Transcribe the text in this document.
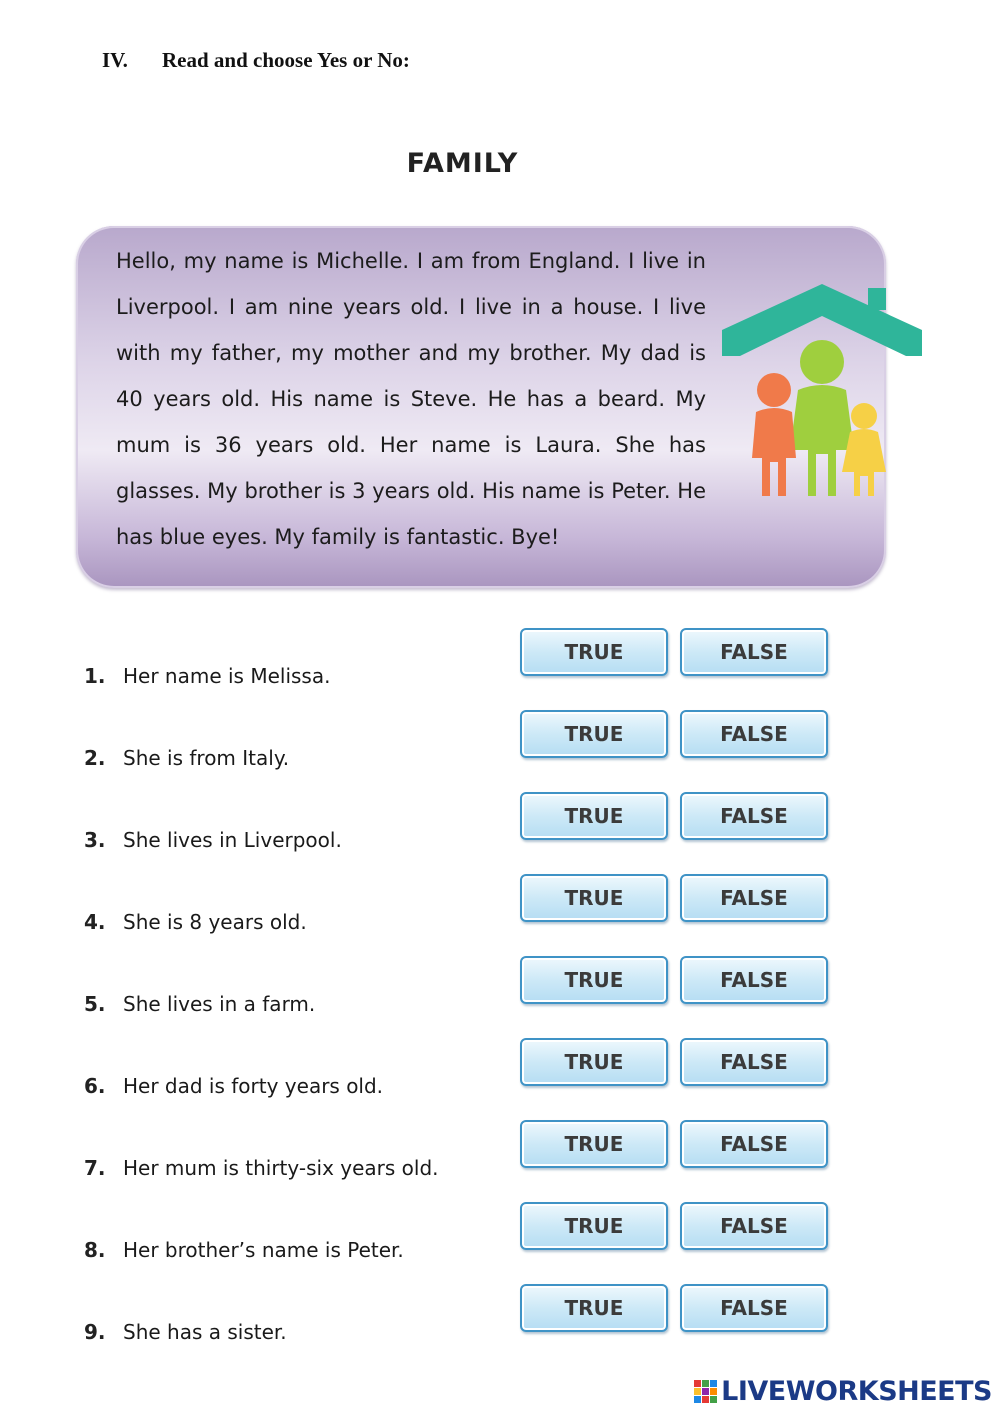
IV. Read and choose Yes or No:
FAMILY
Hello, my name is Michelle. I am from England. I live in Liverpool. I am nine years old. I live in a house. I live with my father, my mother and my brother. My dad is 40 years old. His name is Steve. He has a beard. My mum is 36 years old. Her name is Laura. She has glasses. My brother is 3 years old. His name is Peter. He has blue eyes. My family is fantastic. Bye!
1. Her name is Melissa.
TRUE	FALSE
2. She is from Italy.
TRUE	FALSE
3. She lives in Liverpool.
TRUE	FALSE
4. She is 8 years old.
TRUE	FALSE
5. She lives in a farm.
TRUE	FALSE
6. Her dad is forty years old.
TRUE	FALSE
7. Her mum is thirty-six years old.
TRUE	FALSE
8. Her brother’s name is Peter.
TRUE	FALSE
9. She has a sister.
TRUE	FALSE
LIVEWORKSHEETS
